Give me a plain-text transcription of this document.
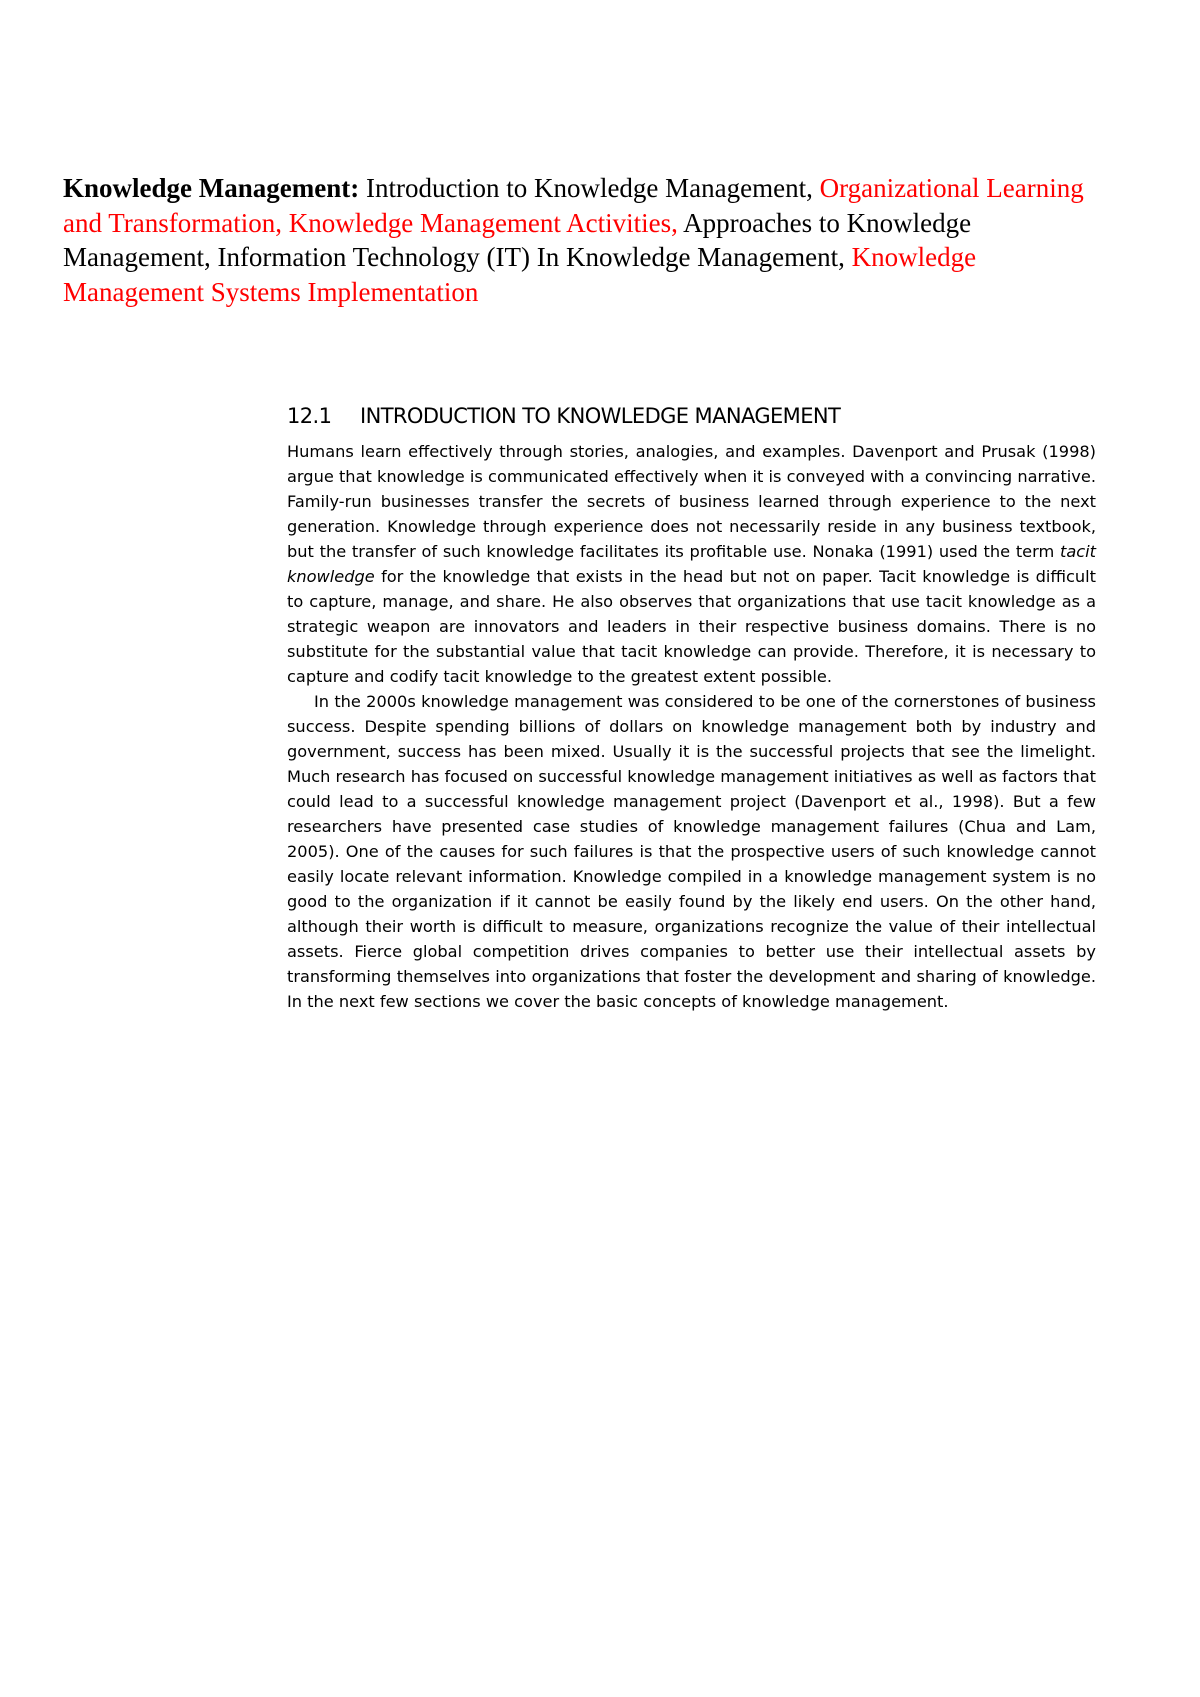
Knowledge Management: Introduction to Knowledge Management, Organizational Learning and Transformation, Knowledge Management Activities, Approaches to Knowledge Management, Information Technology (IT) In Knowledge Management, Knowledge Management Systems Implementation
12.1 INTRODUCTION TO KNOWLEDGE MANAGEMENT

Humans learn effectively through stories, analogies, and examples. Davenport and Prusak (1998) argue that knowledge is communicated effectively when it is conveyed with a convincing narrative. Family-run businesses transfer the secrets of business learned through experience to the next generation. Knowledge through experience does not necessarily reside in any business textbook, but the transfer of such knowledge facilitates its profitable use. Nonaka (1991) used the term tacit knowledge for the knowledge that exists in the head but not on paper. Tacit knowledge is difficult to capture, manage, and share. He also observes that organizations that use tacit knowledge as a strategic weapon are innovators and leaders in their respective business domains. There is no substitute for the substantial value that tacit knowledge can provide. Therefore, it is necessary to capture and codify tacit knowledge to the greatest extent possible.

In the 2000s knowledge management was considered to be one of the cornerstones of business success. Despite spending billions of dollars on knowledge management both by industry and government, success has been mixed. Usually it is the successful projects that see the limelight. Much research has focused on successful knowledge management initiatives as well as factors that could lead to a successful knowledge management project (Davenport et al., 1998). But a few researchers have presented case studies of knowledge management failures (Chua and Lam, 2005). One of the causes for such failures is that the prospective users of such knowledge cannot easily locate relevant information. Knowledge compiled in a knowledge management system is no good to the organization if it cannot be easily found by the likely end users. On the other hand, although their worth is difficult to measure, organizations recognize the value of their intellectual assets. Fierce global competition drives companies to better use their intellectual assets by transforming themselves into organizations that foster the development and sharing of knowledge. In the next few sections we cover the basic concepts of knowledge management.
